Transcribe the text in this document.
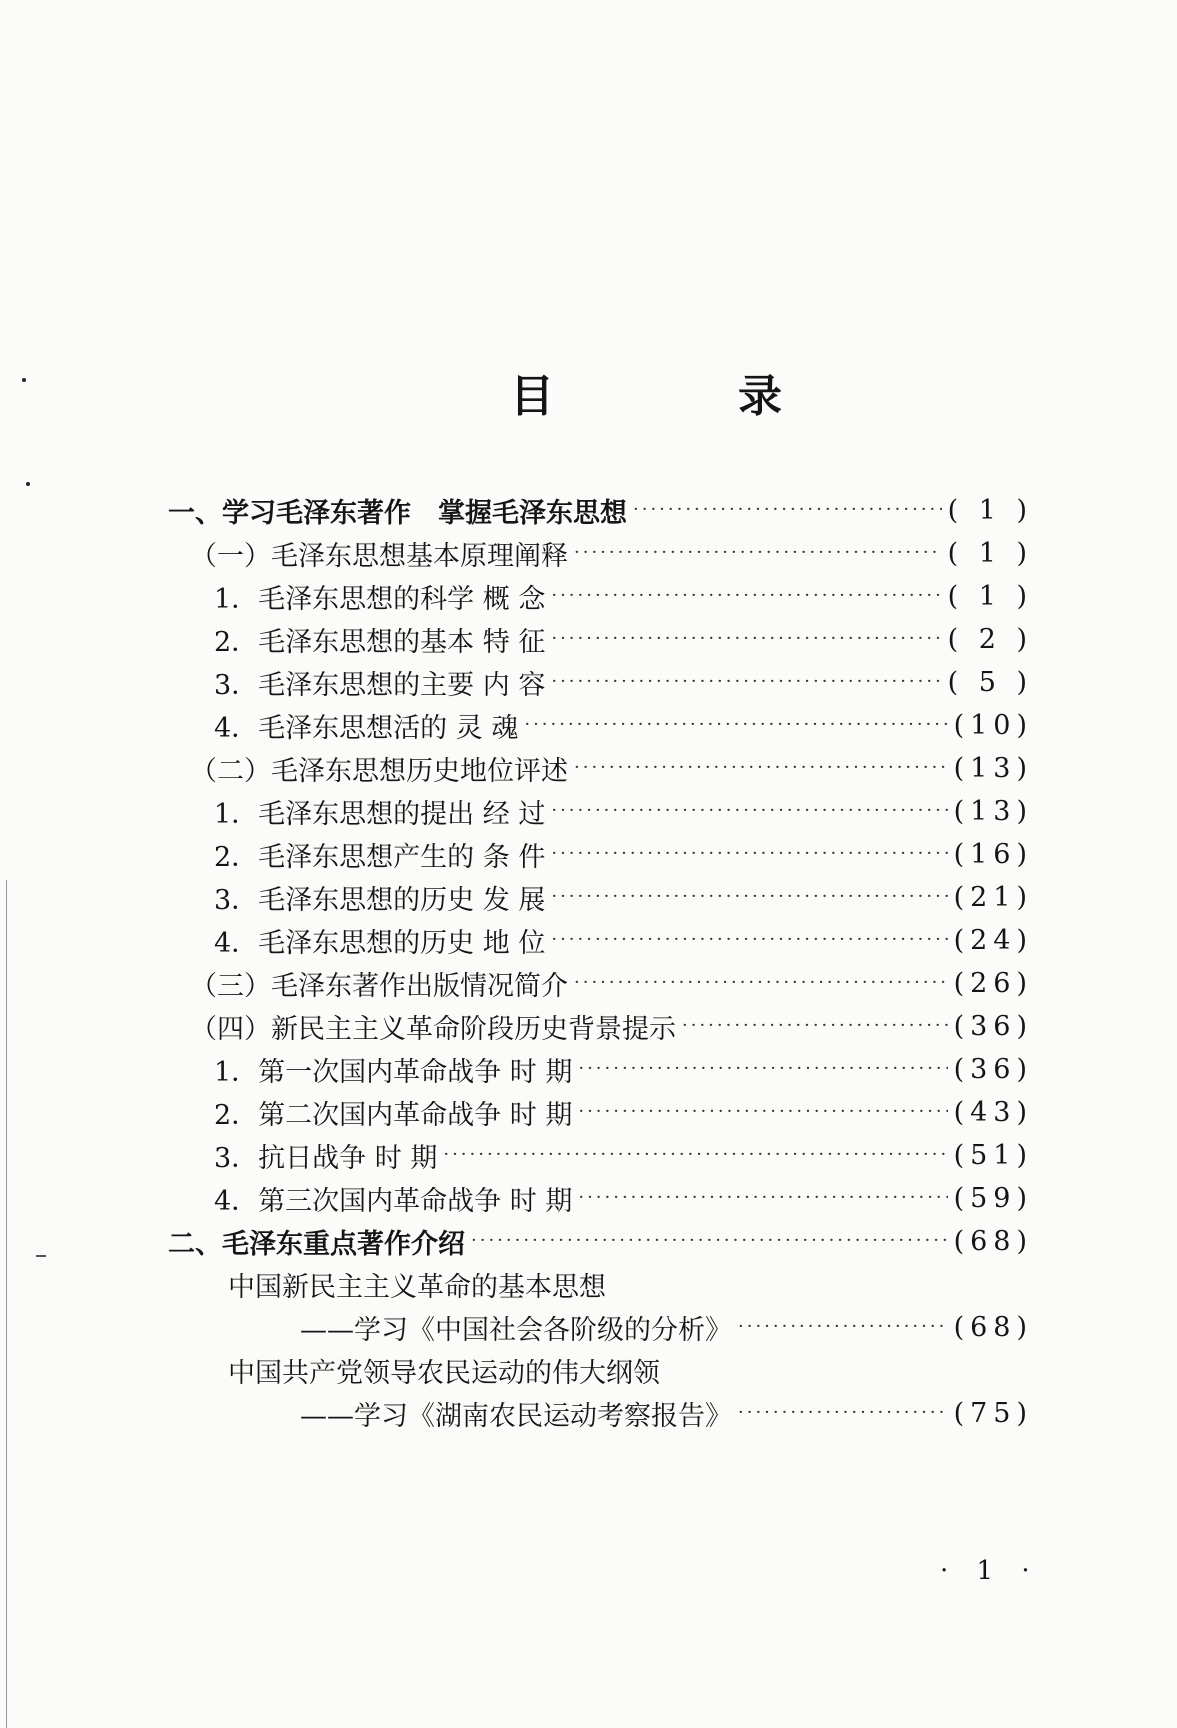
目　录
一、学习毛泽东著作　掌握毛泽东思想 ·····	( 1 )
（一）毛泽东思想基本原理阐释 ·····	( 1 )
1．毛泽东思想的科学 概 念 ·····	( 1 )
2．毛泽东思想的基本 特 征 ·····	( 2 )
3．毛泽东思想的主要 内 容 ·····	( 5 )
4．毛泽东思想活的 灵 魂 ·····	(10)
（二）毛泽东思想历史地位评述 ·····	(13)
1．毛泽东思想的提出 经 过 ·····	(13)
2．毛泽东思想产生的 条 件 ·····	(16)
3．毛泽东思想的历史 发 展 ·····	(21)
4．毛泽东思想的历史 地 位 ·····	(24)
（三）毛泽东著作出版情况简介 ·····	(26)
（四）新民主主义革命阶段历史背景提示 ·····	(36)
1．第一次国内革命战争 时 期 ·····	(36)
2．第二次国内革命战争 时 期 ·····	(43)
3．抗日战争 时 期 ·····	(51)
4．第三次国内革命战争 时 期 ·····	(59)
二、毛泽东重点著作介绍 ·····	(68)
中国新民主主义革命的基本思想
——学习《中国社会各阶级的分析》 ·····	(68)
中国共产党领导农民运动的伟大纲领
——学习《湖南农民运动考察报告》 ·····	(75)
· 1 ·
